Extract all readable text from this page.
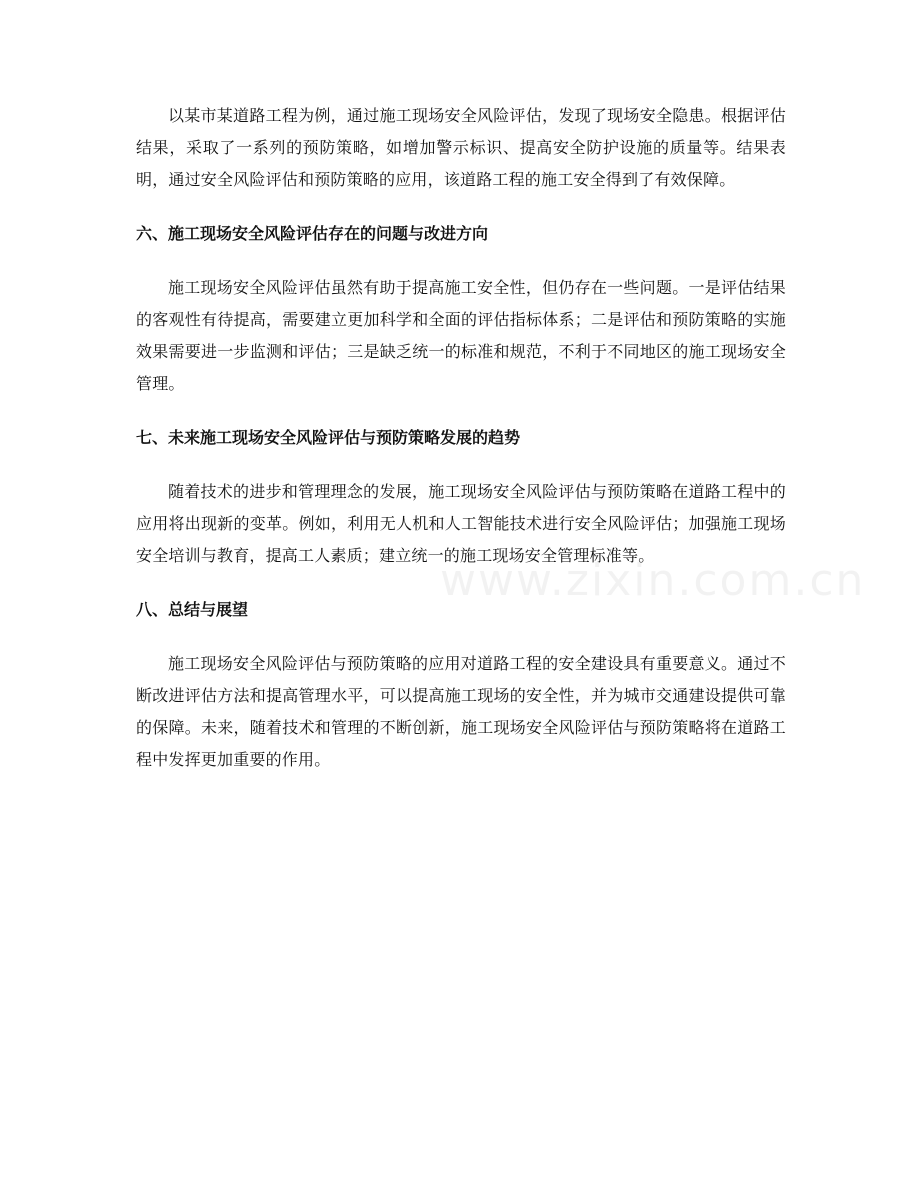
以某市某道路工程为例，通过施工现场安全风险评估，发现了现场安全隐患。根据评估结果，采取了一系列的预防策略，如增加警示标识、提高安全防护设施的质量等。结果表明，通过安全风险评估和预防策略的应用，该道路工程的施工安全得到了有效保障。

六、施工现场安全风险评估存在的问题与改进方向

施工现场安全风险评估虽然有助于提高施工安全性，但仍存在一些问题。一是评估结果的客观性有待提高，需要建立更加科学和全面的评估指标体系；二是评估和预防策略的实施效果需要进一步监测和评估；三是缺乏统一的标准和规范，不利于不同地区的施工现场安全管理。

七、未来施工现场安全风险评估与预防策略发展的趋势

随着技术的进步和管理理念的发展，施工现场安全风险评估与预防策略在道路工程中的应用将出现新的变革。例如，利用无人机和人工智能技术进行安全风险评估；加强施工现场安全培训与教育，提高工人素质；建立统一的施工现场安全管理标准等。

八、总结与展望

施工现场安全风险评估与预防策略的应用对道路工程的安全建设具有重要意义。通过不断改进评估方法和提高管理水平，可以提高施工现场的安全性，并为城市交通建设提供可靠的保障。未来，随着技术和管理的不断创新，施工现场安全风险评估与预防策略将在道路工程中发挥更加重要的作用。

www.zixin.com.cn
